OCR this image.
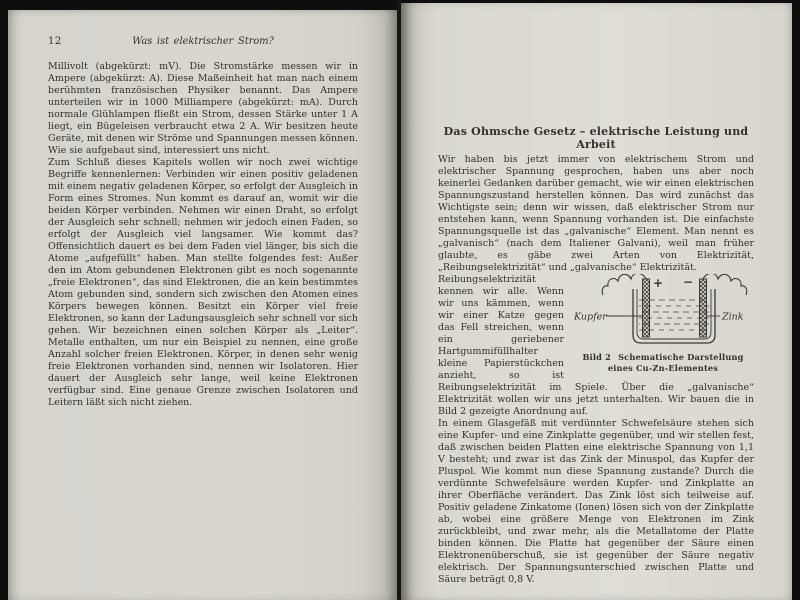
12	Was ist elektrischer Strom?

Millivolt (abgekürzt: mV). Die Stromstärke messen wir in Ampere (abgekürzt: A). Diese Maßeinheit hat man nach einem berühmten französischen Physiker benannt. Das Ampere unterteilen wir in 1000 Milliampere (abgekürzt: mA). Durch normale Glühlampen fließt ein Strom, dessen Stärke unter 1 A liegt, ein Bügeleisen verbraucht etwa 2 A. Wir besitzen heute Geräte, mit denen wir Ströme und Spannungen messen können. Wie sie aufgebaut sind, interessiert uns nicht.

Zum Schluß dieses Kapitels wollen wir noch zwei wichtige Begriffe kennenlernen: Verbinden wir einen positiv geladenen mit einem negativ geladenen Körper, so erfolgt der Ausgleich in Form eines Stromes. Nun kommt es darauf an, womit wir die beiden Körper verbinden. Nehmen wir einen Draht, so erfolgt der Ausgleich sehr schnell; nehmen wir jedoch einen Faden, so erfolgt der Ausgleich viel langsamer. Wie kommt das? Offensichtlich dauert es bei dem Faden viel länger, bis sich die Atome „aufgefüllt“ haben. Man stellte folgendes fest: Außer den im Atom gebundenen Elektronen gibt es noch sogenannte „freie Elektronen“, das sind Elektronen, die an kein bestimmtes Atom gebunden sind, sondern sich zwischen den Atomen eines Körpers bewegen können. Besitzt ein Körper viel freie Elektronen, so kann der Ladungsausgleich sehr schnell vor sich gehen. Wir bezeichnen einen solchen Körper als „Leiter“. Metalle enthalten, um nur ein Beispiel zu nennen, eine große Anzahl solcher freien Elektronen. Körper, in denen sehr wenig freie Elektronen vorhanden sind, nennen wir Isolatoren. Hier dauert der Ausgleich sehr lange, weil keine Elektronen verfügbar sind. Eine genaue Grenze zwischen Isolatoren und Leitern läßt sich nicht ziehen.

Das Ohmsche Gesetz – elektrische Leistung und Arbeit

Wir haben bis jetzt immer von elektrischem Strom und elektrischer Spannung gesprochen, haben uns aber noch keinerlei Gedanken darüber gemacht, wie wir einen elektrischen Spannungszustand herstellen können. Das wird zunächst das Wichtigste sein; denn wir wissen, daß elektrischer Strom nur entstehen kann, wenn Spannung vorhanden ist. Die einfachste Spannungsquelle ist das „galvanische“ Element. Man nennt es „galvanisch“ (nach dem Italiener Galvani), weil man früher glaubte, es gäbe zwei Arten von Elektrizität, „Reibungselektrizität“ und „galvanische“ Elektrizität.

+ −
Kupfer	Zink
Bild 2 Schematische Darstellung
eines Cu-Zn-Elementes

Reibungselektrizität kennen wir alle. Wenn wir uns kämmen, wenn wir einer Katze gegen das Fell streichen, wenn ein geriebener Hartgummifüllhalter kleine Papierstückchen anzieht, so ist Reibungselektrizität im Spiele. Über die „galvanische“ Elektrizität wollen wir uns jetzt unterhalten. Wir bauen die in Bild 2 gezeigte Anordnung auf.

In einem Glasgefäß mit verdünnter Schwefelsäure stehen sich eine Kupfer- und eine Zinkplatte gegenüber, und wir stellen fest, daß zwischen beiden Platten eine elektrische Spannung von 1,1 V besteht; und zwar ist das Zink der Minuspol, das Kupfer der Pluspol. Wie kommt nun diese Spannung zustande? Durch die verdünnte Schwefelsäure werden Kupfer- und Zinkplatte an ihrer Oberfläche verändert. Das Zink löst sich teilweise auf. Positiv geladene Zinkatome (Ionen) lösen sich von der Zinkplatte ab, wobei eine größere Menge von Elektronen im Zink zurückbleibt, und zwar mehr, als die Metallatome der Platte binden können. Die Platte hat gegenüber der Säure einen Elektronenüberschuß, sie ist gegenüber der Säure negativ elektrisch. Der Spannungsunterschied zwischen Platte und Säure beträgt 0,8 V.
